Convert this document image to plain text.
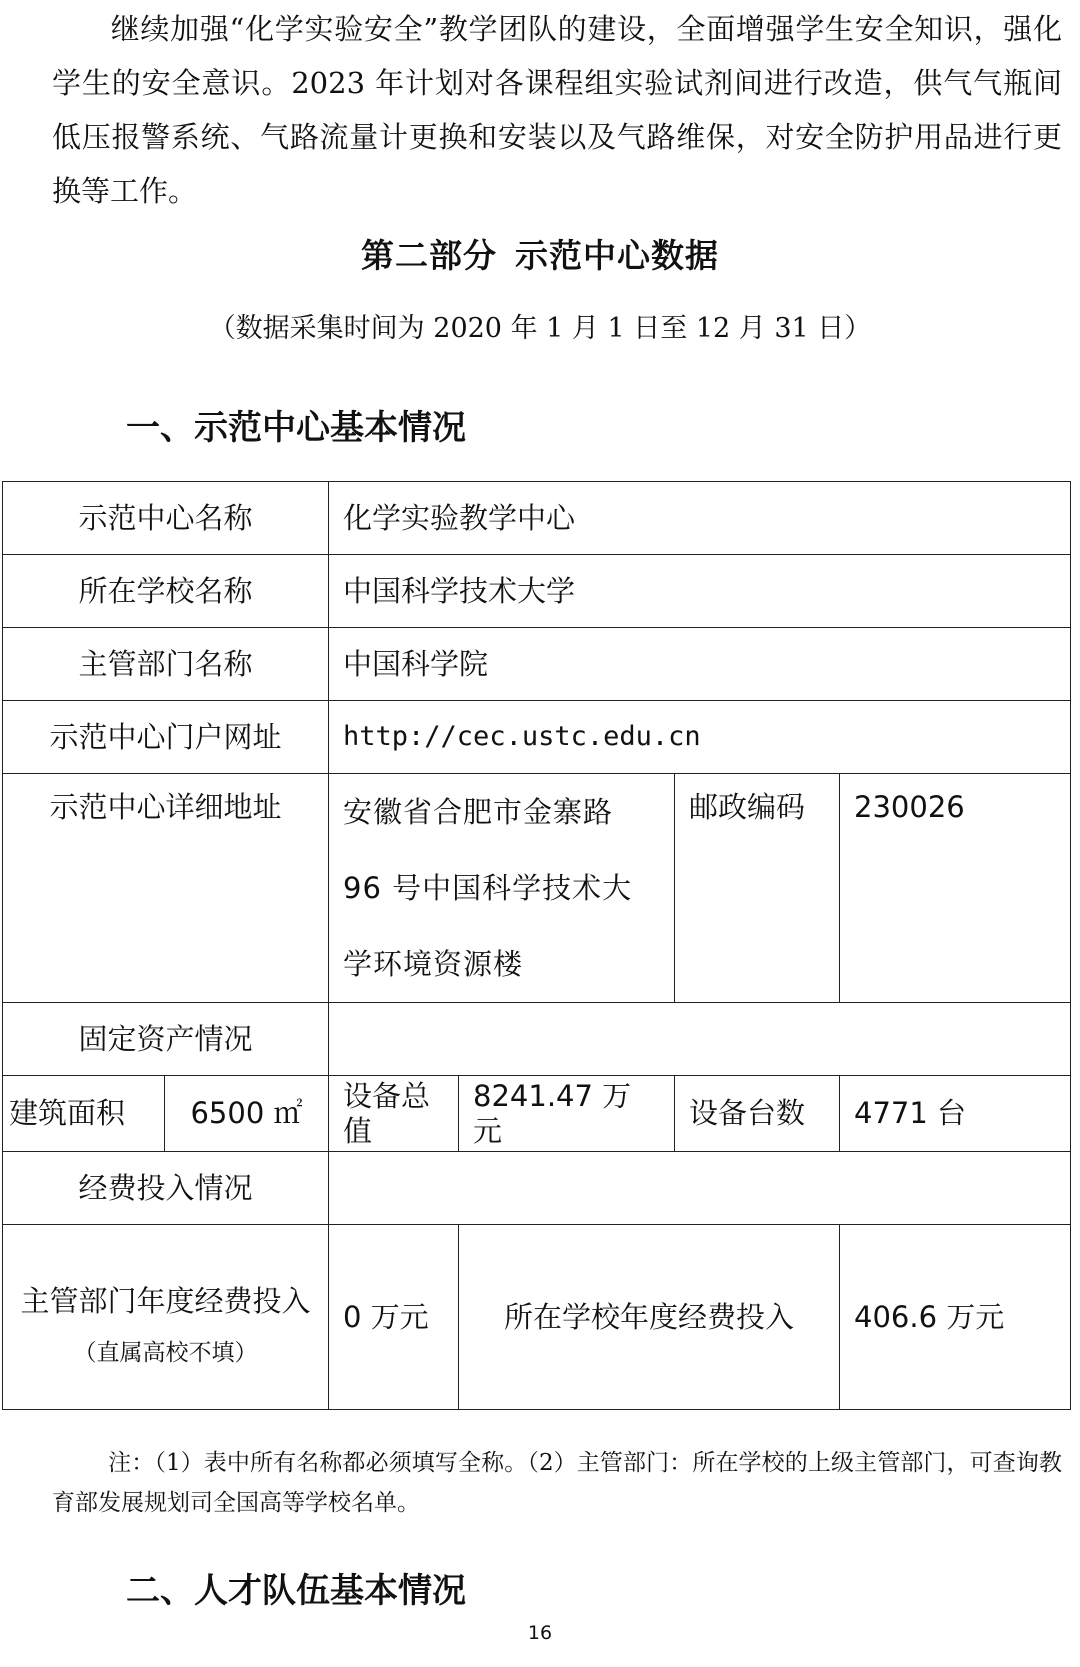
继续加强“化学实验安全”教学团队的建设，全面增强学生安全知识，强化学生的安全意识。2023 年计划对各课程组实验试剂间进行改造，供气气瓶间低压报警系统、气路流量计更换和安装以及气路维保，对安全防护用品进行更换等工作。
第二部分 示范中心数据
（数据采集时间为 2020 年 1 月 1 日至 12 月 31 日）
一、示范中心基本情况
示范中心名称		化学实验教学中心			
所在学校名称		中国科学技术大学			
主管部门名称		中国科学院			
示范中心门户网址		http://cec.ustc.edu.cn			
示范中心详细地址		安徽省合肥市金寨路 96 号中国科学技术大学环境资源楼		邮政编码	230026
固定资产情况					
建筑面积	6500 ㎡	设备总值	8241.47 万元	设备台数	4771 台
经费投入情况					
主管部门年度经费投入
（直属高校不填）		0 万元	所在学校年度经费投入		406.6 万元
注：（1）表中所有名称都必须填写全称。（2）主管部门：所在学校的上级主管部门，可查询教育部发展规划司全国高等学校名单。
二、人才队伍基本情况
16
